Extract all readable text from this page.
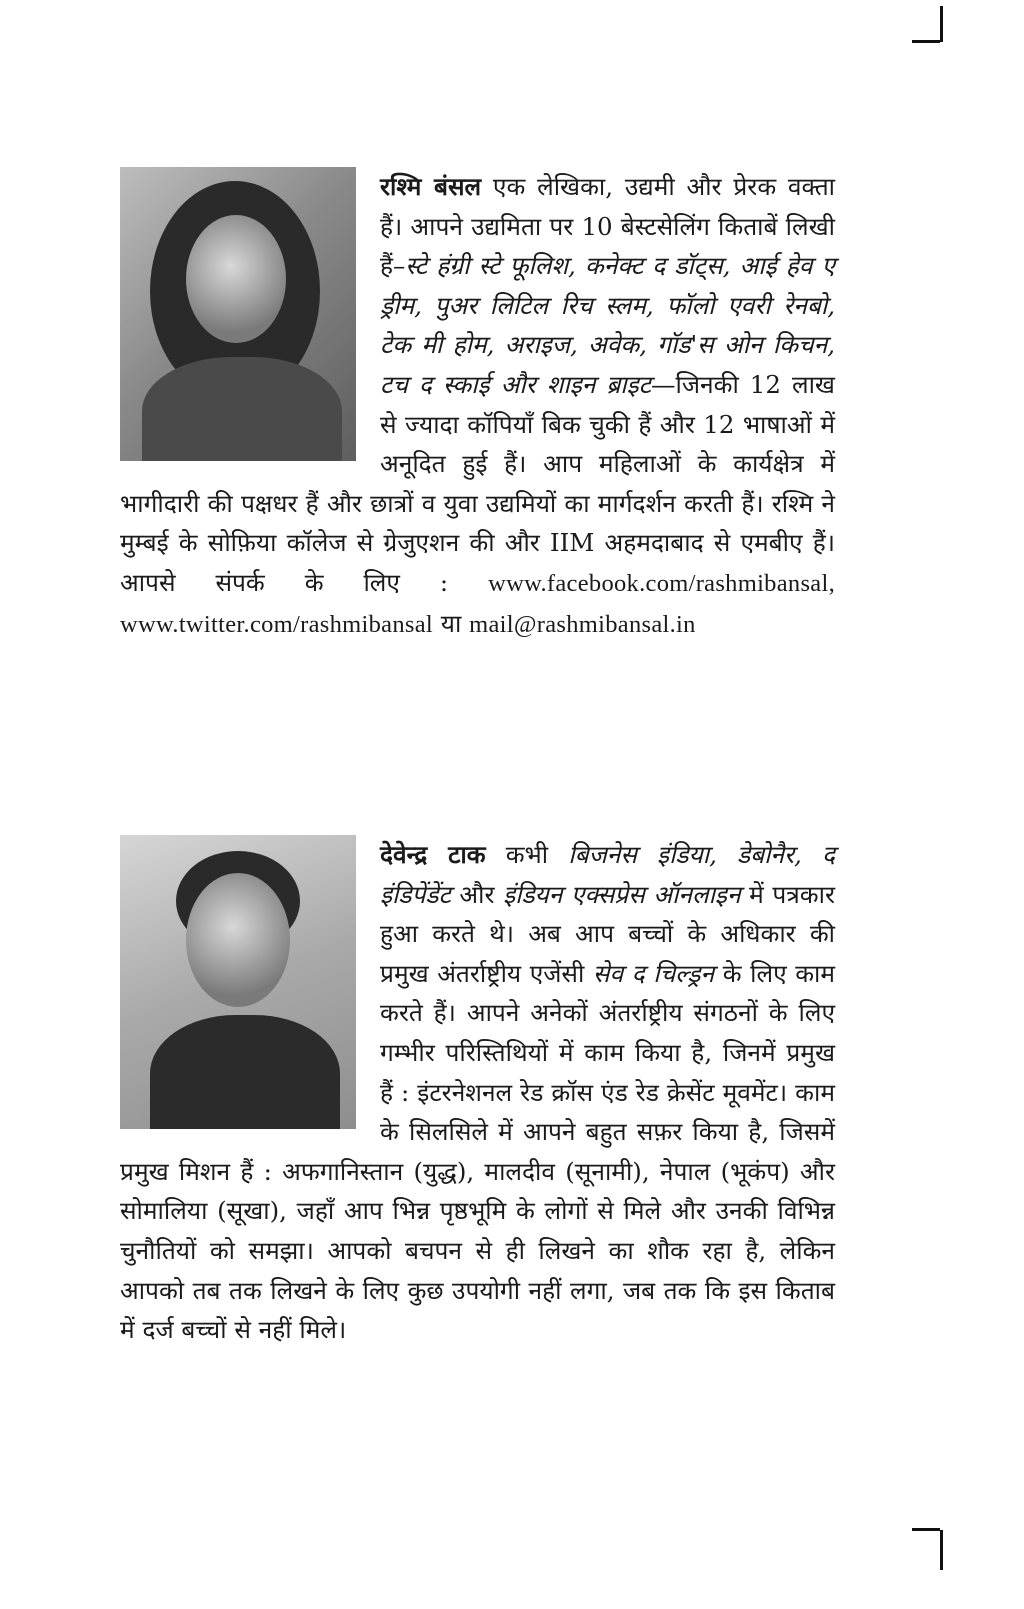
रश्मि बंसल एक लेखिका, उद्यमी और प्रेरक वक्ता हैं। आपने उद्यमिता पर 10 बेस्टसेलिंग किताबें लिखी हैं–स्टे हंग्री स्टे फूलिश, कनेक्ट द डॉट्स, आई हेव ए ड्रीम, पुअर लिटिल रिच स्लम, फॉलो एवरी रेनबो, टेक मी होम, अराइज, अवेक, गॉड'स ओन किचन, टच द स्काई और शाइन ब्राइट—जिनकी 12 लाख से ज्यादा कॉपियाँ बिक चुकी हैं और 12 भाषाओं में अनूदित हुई हैं। आप महिलाओं के कार्यक्षेत्र में भागीदारी की पक्षधर हैं और छात्रों व युवा उद्यमियों का मार्गदर्शन करती हैं। रश्मि ने मुम्बई के सोफ़िया कॉलेज से ग्रेजुएशन की और IIM अहमदाबाद से एमबीए हैं। आपसे संपर्क के लिए : www.facebook.com/rashmibansal, www.twitter.com/rashmibansal या mail@rashmibansal.in

देवेन्द्र टाक कभी बिजनेस इंडिया, डेबोनैर, द इंडिपेंडेंट और इंडियन एक्सप्रेस ऑनलाइन में पत्रकार हुआ करते थे। अब आप बच्चों के अधिकार की प्रमुख अंतर्राष्ट्रीय एजेंसी सेव द चिल्ड्रन के लिए काम करते हैं। आपने अनेकों अंतर्राष्ट्रीय संगठनों के लिए गम्भीर परिस्तिथियों में काम किया है, जिनमें प्रमुख हैं : इंटरनेशनल रेड क्रॉस एंड रेड क्रेसेंट मूवमेंट। काम के सिलसिले में आपने बहुत सफ़र किया है, जिसमें प्रमुख मिशन हैं : अफगानिस्तान (युद्ध), मालदीव (सूनामी), नेपाल (भूकंप) और सोमालिया (सूखा), जहाँ आप भिन्न पृष्ठभूमि के लोगों से मिले और उनकी विभिन्न चुनौतियों को समझा। आपको बचपन से ही लिखने का शौक रहा है, लेकिन आपको तब तक लिखने के लिए कुछ उपयोगी नहीं लगा, जब तक कि इस किताब में दर्ज बच्चों से नहीं मिले।
